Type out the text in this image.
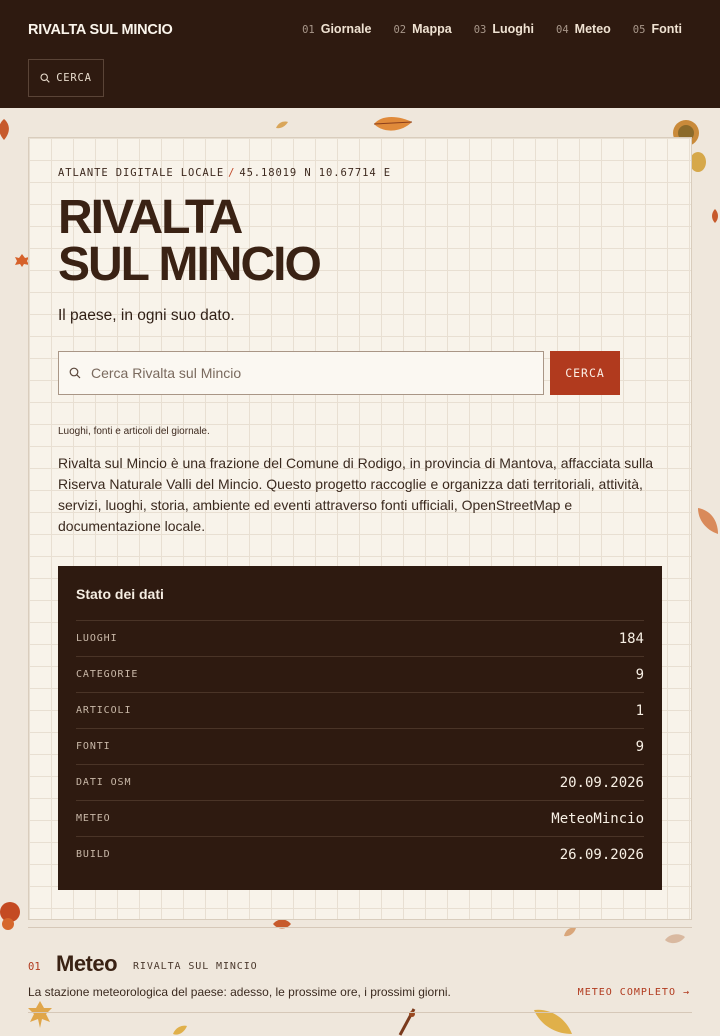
RIVALTA SUL MINCIO	01 Giornale 02 Mappa 03 Luoghi 04 Meteo 05 Fonti
CERCA
ATLANTE DIGITALE LOCALE / 45.18019 N 10.67714 E
RIVALTA
SUL MINCIO

Il paese, in ogni suo dato.

Cerca Rivalta sul Mincio
CERCA

Luoghi, fonti e articoli del giornale.

Rivalta sul Mincio è una frazione del Comune di Rodigo, in provincia di Mantova, affacciata sulla Riserva Naturale Valli del Mincio. Questo progetto raccoglie e organizza dati territoriali, attività, servizi, luoghi, storia, ambiente ed eventi attraverso fonti ufficiali, OpenStreetMap e documentazione locale.

Stato dei dati
LUOGHI	184
CATEGORIE	9
ARTICOLI	1
FONTI	9
DATI OSM	20.09.2026
METEO	MeteoMincio
BUILD	26.09.2026
01 Meteo RIVALTA SUL MINCIO

La stazione meteorologica del paese: adesso, le prossime ore, i prossimi giorni.	METEO COMPLETO →
